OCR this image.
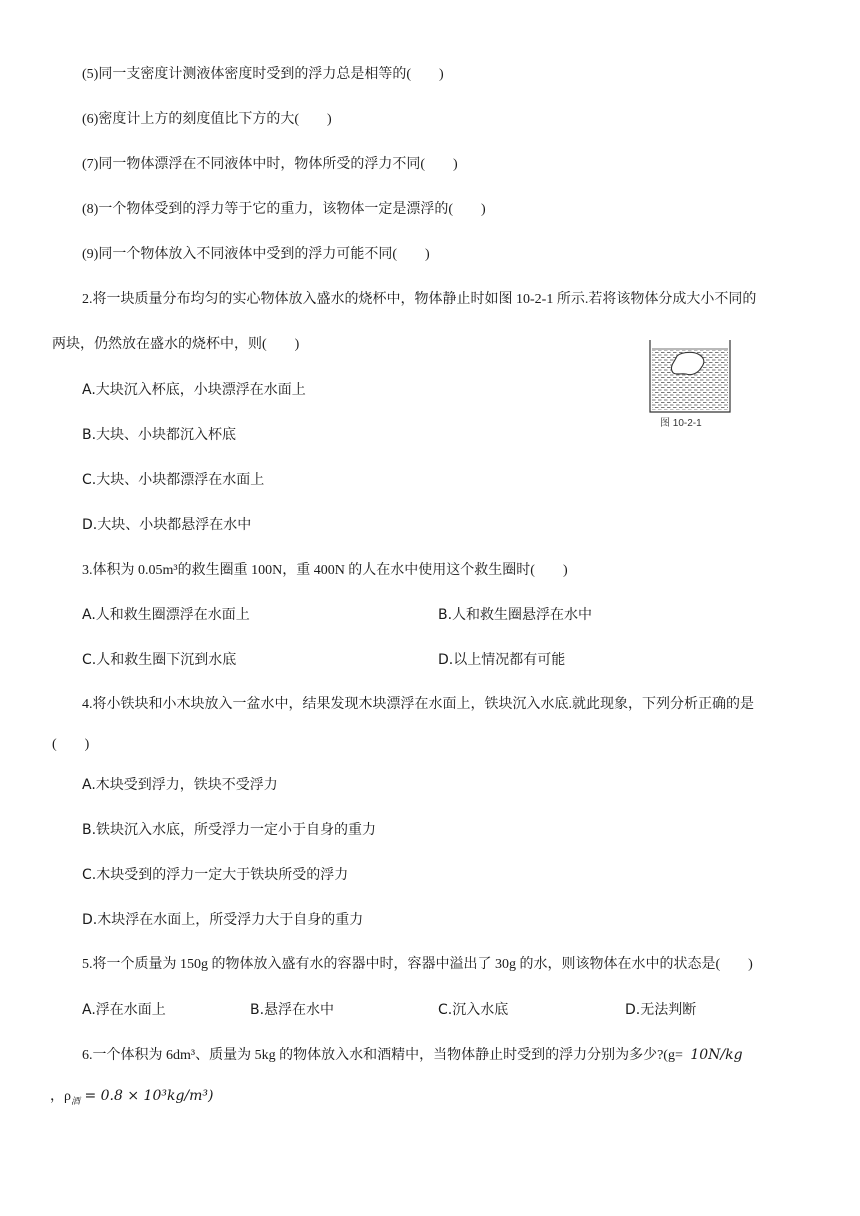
(5)同一支密度计测液体密度时受到的浮力总是相等的(　　)
(6)密度计上方的刻度值比下方的大(　　)
(7)同一物体漂浮在不同液体中时，物体所受的浮力不同(　　)
(8)一个物体受到的浮力等于它的重力，该物体一定是漂浮的(　　)
(9)同一个物体放入不同液体中受到的浮力可能不同(　　)
2.将一块质量分布均匀的实心物体放入盛水的烧杯中，物体静止时如图 10-2-1 所示.若将该物体分成大小不同的
两块，仍然放在盛水的烧杯中，则(　　)
A.大块沉入杯底，小块漂浮在水面上
B.大块、小块都沉入杯底
C.大块、小块都漂浮在水面上
D.大块、小块都悬浮在水中
图 10-2-1
3.体积为 0.05m³的救生圈重 100N，重 400N 的人在水中使用这个救生圈时(　　)
A.人和救生圈漂浮在水面上	B.人和救生圈悬浮在水中
C.人和救生圈下沉到水底	D.以上情况都有可能
4.将小铁块和小木块放入一盆水中，结果发现木块漂浮在水面上，铁块沉入水底.就此现象，下列分析正确的是
(　　)
A.木块受到浮力，铁块不受浮力
B.铁块沉入水底，所受浮力一定小于自身的重力
C.木块受到的浮力一定大于铁块所受的浮力
D.木块浮在水面上，所受浮力大于自身的重力
5.将一个质量为 150g 的物体放入盛有水的容器中时，容器中溢出了 30g 的水，则该物体在水中的状态是(　　)
A.浮在水面上	B.悬浮在水中	C.沉入水底	D.无法判断
6.一个体积为 6dm³、质量为 5kg 的物体放入水和酒精中，当物体静止时受到的浮力分别为多少?(g= 10N/kg
，$\rho_酒 = 0.8 \times 10^3kg/m^3$)
